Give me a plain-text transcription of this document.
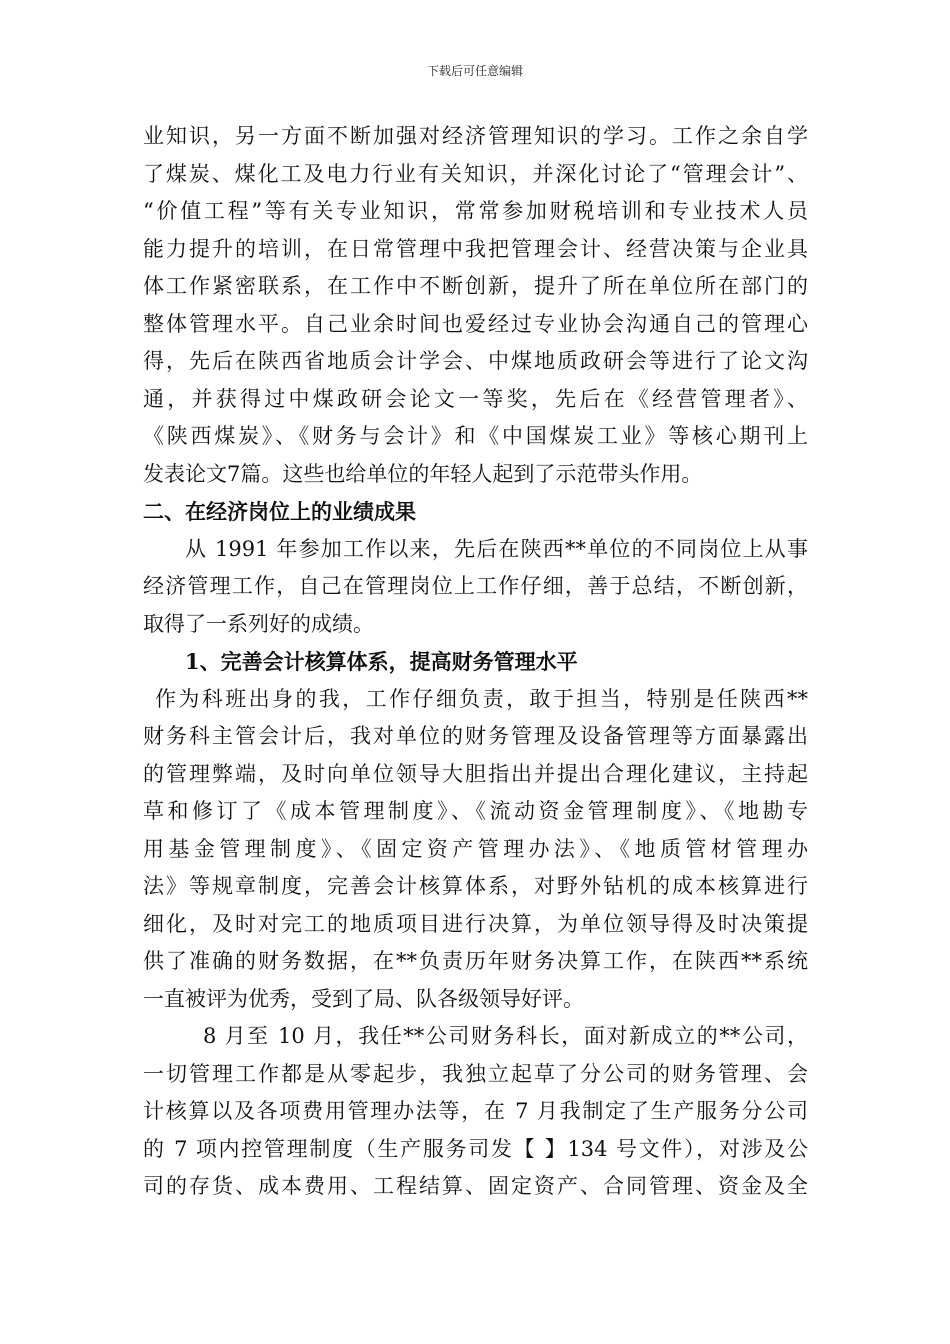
下载后可任意编辑
业知识，另一方面不断加强对经济管理知识的学习。工作之余自学
了煤炭、煤化工及电力行业有关知识，并深化讨论了“管理会计”、
“价值工程”等有关专业知识，常常参加财税培训和专业技术人员
能力提升的培训，在日常管理中我把管理会计、经营决策与企业具
体工作紧密联系，在工作中不断创新，提升了所在单位所在部门的
整体管理水平。自己业余时间也爱经过专业协会沟通自己的管理心
得，先后在陕西省地质会计学会、中煤地质政研会等进行了论文沟
通，并获得过中煤政研会论文一等奖，先后在《经营管理者》、
《陕西煤炭》、《财务与会计》和《中国煤炭工业》等核心期刊上
发表论文7篇。这些也给单位的年轻人起到了示范带头作用。
二、在经济岗位上的业绩成果
从 1991 年参加工作以来，先后在陕西**单位的不同岗位上从事
经济管理工作，自己在管理岗位上工作仔细，善于总结，不断创新，
取得了一系列好的成绩。
1、完善会计核算体系，提高财务管理水平
作为科班出身的我，工作仔细负责，敢于担当，特别是任陕西**
财务科主管会计后，我对单位的财务管理及设备管理等方面暴露出
的管理弊端，及时向单位领导大胆指出并提出合理化建议，主持起
草和修订了《成本管理制度》、《流动资金管理制度》、《地勘专
用基金管理制度》、《固定资产管理办法》、《地质管材管理办
法》等规章制度，完善会计核算体系，对野外钻机的成本核算进行
细化，及时对完工的地质项目进行决算，为单位领导得及时决策提
供了准确的财务数据，在**负责历年财务决算工作，在陕西**系统
一直被评为优秀，受到了局、队各级领导好评。
8 月至 10 月，我任**公司财务科长，面对新成立的**公司，
一切管理工作都是从零起步，我独立起草了分公司的财务管理、会
计核算以及各项费用管理办法等，在 7 月我制定了生产服务分公司
的 7 项内控管理制度（生产服务司发【 】134 号文件），对涉及公
司的存货、成本费用、工程结算、固定资产、合同管理、资金及全
